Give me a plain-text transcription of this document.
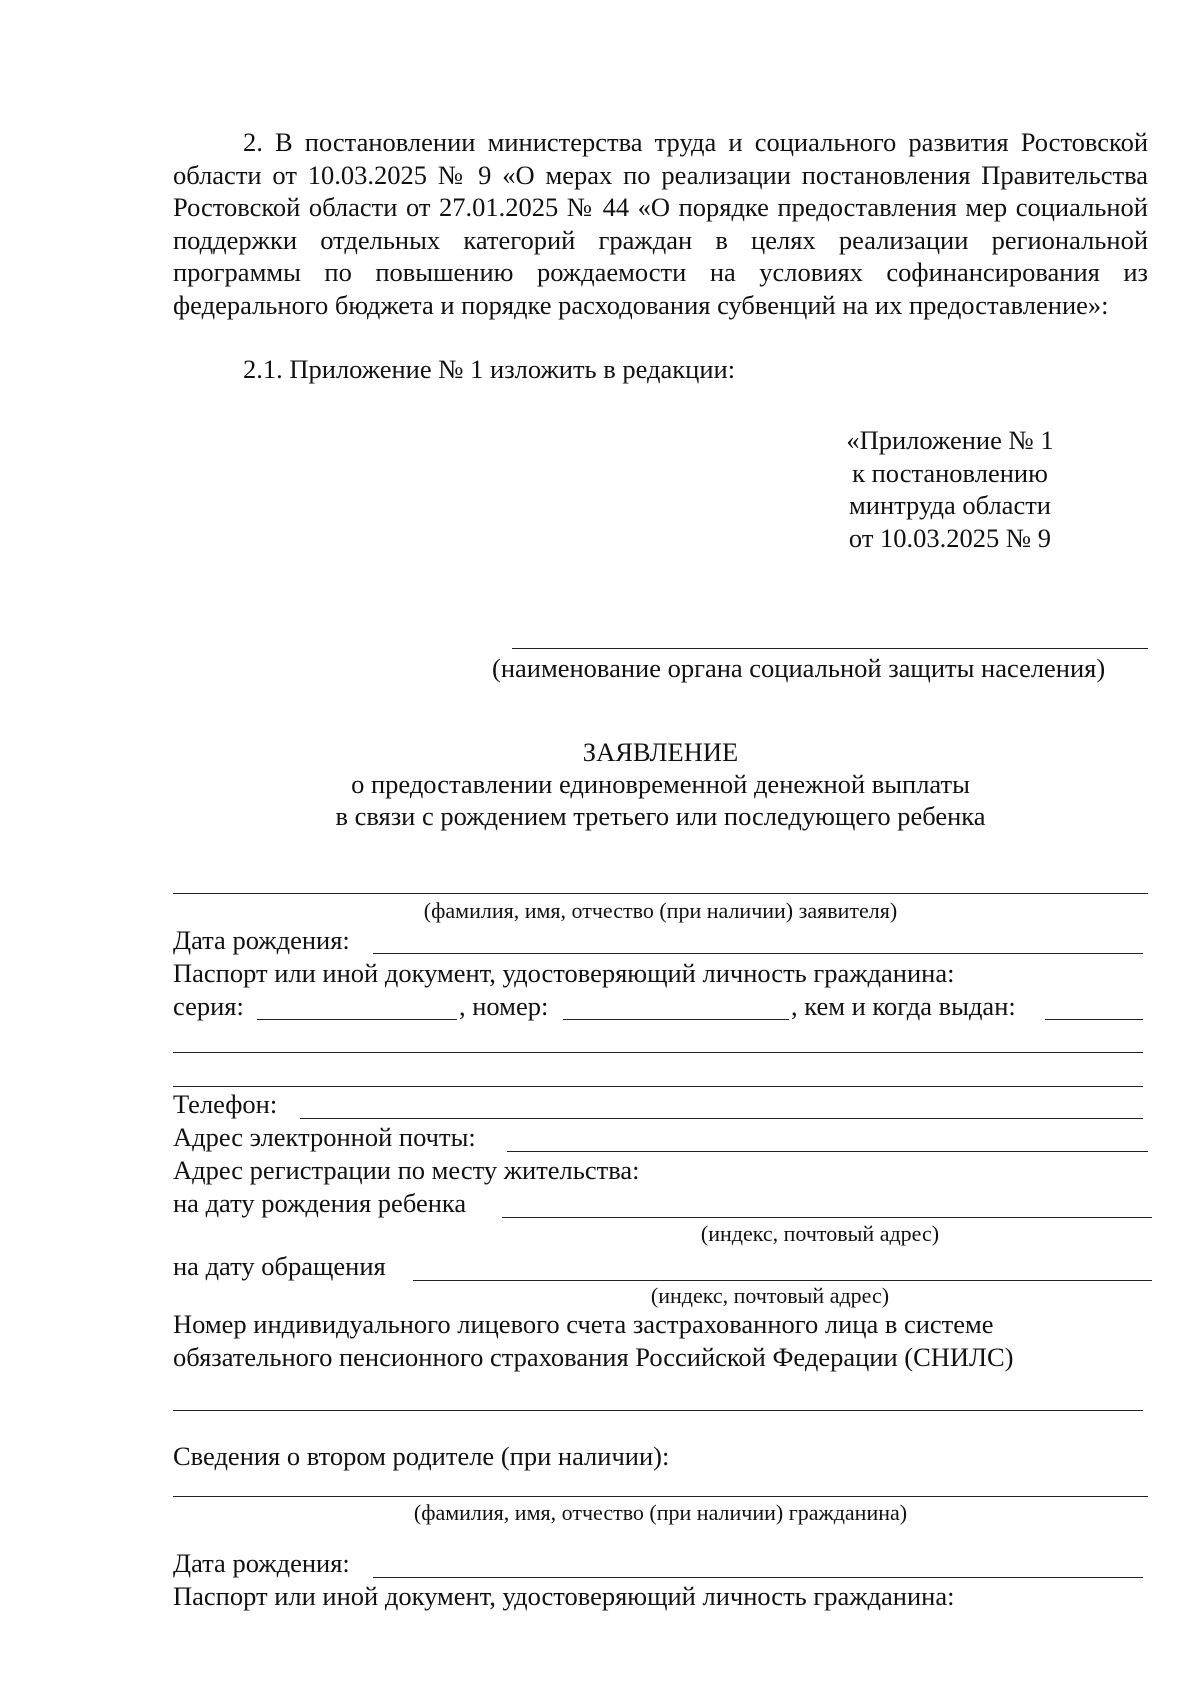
2. В постановлении министерства труда и социального развития Ростовской области от 10.03.2025 № 9 «О мерах по реализации постановления Правительства Ростовской области от 27.01.2025 № 44 «О порядке предоставления мер социальной поддержки отдельных категорий граждан в целях реализации региональной программы по повышению рождаемости на условиях софинансирования из федерального бюджета и порядке расходования субвенций на их предоставление»:

2.1. Приложение № 1 изложить в редакции:
«Приложение № 1
к постановлению
минтруда области
от 10.03.2025 № 9
(наименование органа социальной защиты населения)
ЗАЯВЛЕНИЕ
о предоставлении единовременной денежной выплаты
в связи с рождением третьего или последующего ребенка
(фамилия, имя, отчество (при наличии) заявителя)
Дата рождения:
Паспорт или иной документ, удостоверяющий личность гражданина:
серия:	, номер:	, кем и когда выдан:
Телефон:
Адрес электронной почты:
Адрес регистрации по месту жительства:
на дату рождения ребенка
(индекс, почтовый адрес)
на дату обращения
(индекс, почтовый адрес)
Номер индивидуального лицевого счета застрахованного лица в системе
обязательного пенсионного страхования Российской Федерации (СНИЛС)
Сведения о втором родителе (при наличии):
(фамилия, имя, отчество (при наличии) гражданина)
Дата рождения:
Паспорт или иной документ, удостоверяющий личность гражданина:
